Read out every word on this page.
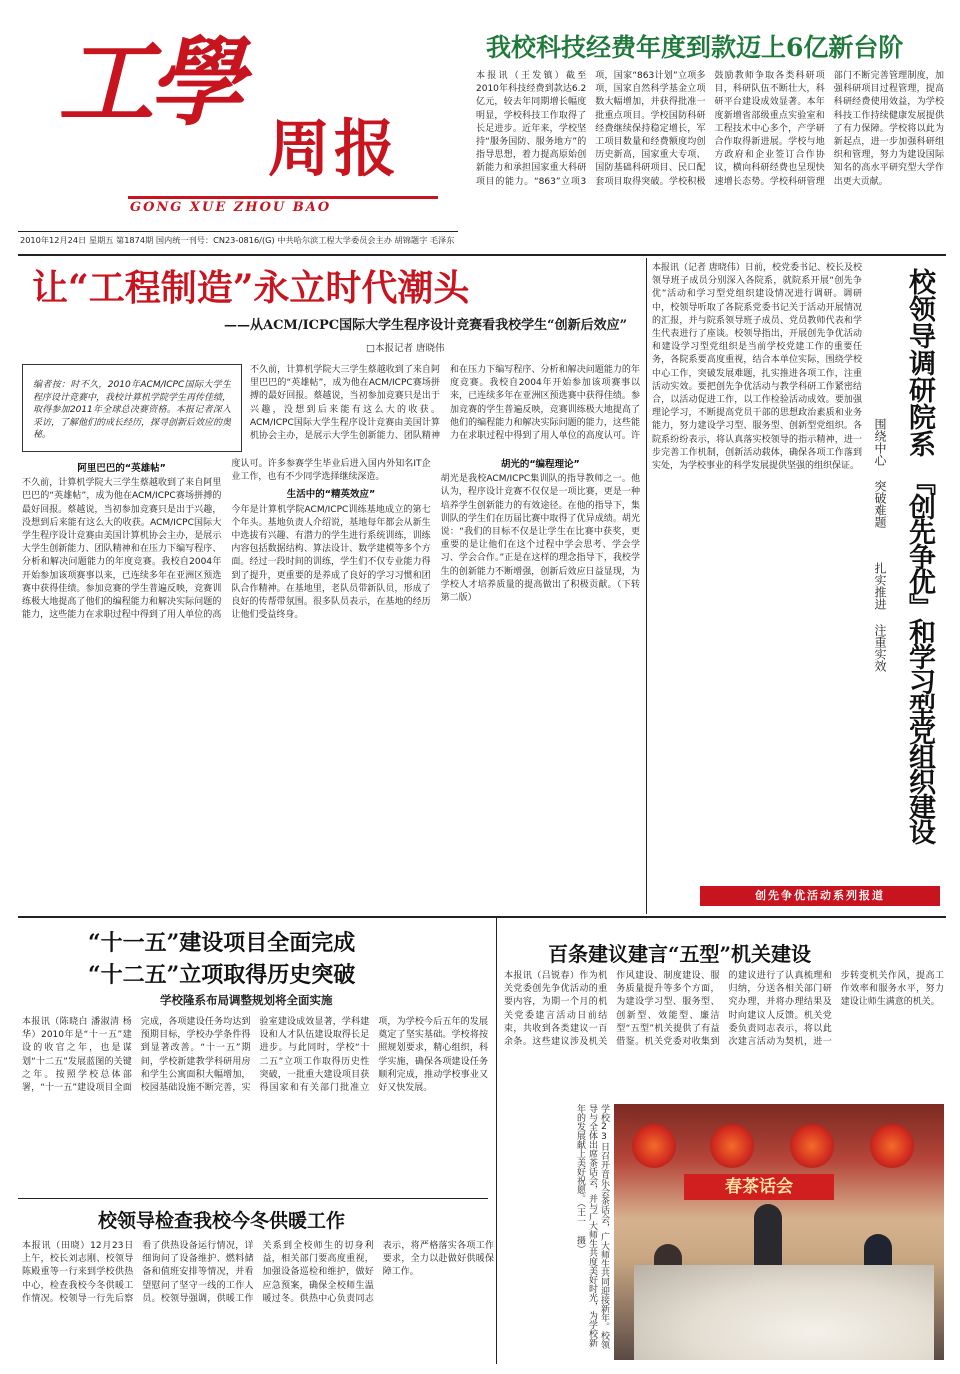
工學
周报
GONG XUE ZHOU BAO
2010年12月24日 星期五 第1874期 国内统一刊号：CN23-0816/(G) 中共哈尔滨工程大学委员会主办 胡锦题字 毛泽东
我校科技经费年度到款迈上6亿新台阶
本报讯（王发镇）截至2010年科技经费到款达6.2亿元，较去年同期增长幅度明显，学校科技工作取得了长足进步。近年来，学校坚持“服务国防、服务地方”的指导思想，着力提高原始创新能力和承担国家重大科研项目的能力。“863”立项3项，国家“863计划”立项多项，国家自然科学基金立项数大幅增加，并获得批准一批重点项目。学校国防科研经费继续保持稳定增长，军工项目数量和经费额度均创历史新高，国家重大专项、国防基础科研项目、民口配套项目取得突破。学校积极鼓励教师争取各类科研项目，科研队伍不断壮大，科研平台建设成效显著。本年度新增省部级重点实验室和工程技术中心多个，产学研合作取得新进展。学校与地方政府和企业签订合作协议，横向科研经费也呈现快速增长态势。学校科研管理部门不断完善管理制度，加强科研项目过程管理，提高科研经费使用效益，为学校科技工作持续健康发展提供了有力保障。学校将以此为新起点，进一步加强科研组织和管理，努力为建设国际知名的高水平研究型大学作出更大贡献。
让“工程制造”永立时代潮头
——从ACM/ICPC国际大学生程序设计竞赛看我校学生“创新后效应”
□本报记者 唐晓伟
编者按：时不久，2010年ACM/ICPC国际大学生程序设计竞赛中，我校计算机学院学生再传佳绩，取得参加2011年全球总决赛资格。本报记者深入采访，了解他们的成长经历，探寻创新后效应的奥秘。
阿里巴巴的“英雄帖”
不久前，计算机学院大三学生蔡越收到了来自阿里巴巴的“英雄帖”，成为他在ACM/ICPC赛场拼搏的最好回报。蔡越说，当初参加竞赛只是出于兴趣，没想到后来能有这么大的收获。ACM/ICPC国际大学生程序设计竞赛由美国计算机协会主办，是展示大学生创新能力、团队精神和在压力下编写程序、分析和解决问题能力的年度竞赛。我校自2004年开始参加该项赛事以来，已连续多年在亚洲区预选赛中获得佳绩。参加竞赛的学生普遍反映，竞赛训练极大地提高了他们的编程能力和解决实际问题的能力，这些能力在求职过程中得到了用人单位的高度认可。许多参赛学生毕业后进入国内外知名IT企业工作，也有不少同学选择继续深造。
生活中的“精英效应”
今年是计算机学院ACM/ICPC训练基地成立的第七个年头。基地负责人介绍说，基地每年都会从新生中选拔有兴趣、有潜力的学生进行系统训练，训练内容包括数据结构、算法设计、数学建模等多个方面。经过一段时间的训练，学生们不仅专业能力得到了提升，更重要的是养成了良好的学习习惯和团队合作精神。在基地里，老队员带新队员，形成了良好的传帮带氛围。很多队员表示，在基地的经历让他们受益终身。
胡光的“编程理论”
胡光是我校ACM/ICPC集训队的指导教师之一。他认为，程序设计竞赛不仅仅是一项比赛，更是一种培养学生创新能力的有效途径。在他的指导下，集训队的学生们在历届比赛中取得了优异成绩。胡光说：“我们的目标不仅是让学生在比赛中获奖，更重要的是让他们在这个过程中学会思考、学会学习、学会合作。”正是在这样的理念指导下，我校学生的创新能力不断增强，创新后效应日益显现，为学校人才培养质量的提高做出了积极贡献。（下转第二版）
不久前，计算机学院大三学生蔡越收到了来自阿里巴巴的“英雄帖”，成为他在ACM/ICPC赛场拼搏的最好回报。蔡越说，当初参加竞赛只是出于兴趣，没想到后来能有这么大的收获。ACM/ICPC国际大学生程序设计竞赛由美国计算机协会主办，是展示大学生创新能力、团队精神和在压力下编写程序、分析和解决问题能力的年度竞赛。我校自2004年开始参加该项赛事以来，已连续多年在亚洲区预选赛中获得佳绩。参加竞赛的学生普遍反映，竞赛训练极大地提高了他们的编程能力和解决实际问题的能力，这些能力在求职过程中得到了用人单位的高度认可。许
本报讯（记者 唐晓伟）日前，校党委书记、校长及校领导班子成员分别深入各院系，就院系开展“创先争优”活动和学习型党组织建设情况进行调研。调研中，校领导听取了各院系党委书记关于活动开展情况的汇报，并与院系领导班子成员、党员教师代表和学生代表进行了座谈。校领导指出，开展创先争优活动和建设学习型党组织是当前学校党建工作的重要任务，各院系要高度重视，结合本单位实际，围绕学校中心工作，突破发展难题，扎实推进各项工作，注重活动实效。要把创先争优活动与教学科研工作紧密结合，以活动促进工作，以工作检验活动成效。要加强理论学习，不断提高党员干部的思想政治素质和业务能力，努力建设学习型、服务型、创新型党组织。各院系纷纷表示，将认真落实校领导的指示精神，进一步完善工作机制，创新活动载体，确保各项工作落到实处，为学校事业的科学发展提供坚强的组织保证。
校领导调研院系
『创先争优』和学习型党组织建设
围绕中心 突破难题
扎实推进 注重实效
创先争优活动系列报道
“十一五”建设项目全面完成
“十二五”立项取得历史突破
学校隆系布局调整规划将全面实施
本报讯（陈晓白 潘淑清 杨华）2010年是“十一五”建设的收官之年，也是谋划“十二五”发展蓝图的关键之年。按照学校总体部署，“十一五”建设项目全面完成，各项建设任务均达到预期目标，学校办学条件得到显著改善。“十一五”期间，学校新建教学科研用房和学生公寓面积大幅增加，校园基础设施不断完善，实验室建设成效显著，学科建设和人才队伍建设取得长足进步。与此同时，学校“十二五”立项工作取得历史性突破，一批重大建设项目获得国家和有关部门批准立项，为学校今后五年的发展奠定了坚实基础。学校将按照规划要求，精心组织，科学实施，确保各项建设任务顺利完成，推动学校事业又好又快发展。
校领导检查我校今冬供暖工作
本报讯（田晓）12月23日上午，校长刘志刚、校领导陈殿重等一行来到学校供热中心，检查我校今冬供暖工作情况。校领导一行先后察看了供热设备运行情况，详细询问了设备维护、燃料储备和值班安排等情况，并看望慰问了坚守一线的工作人员。校领导强调，供暖工作关系到全校师生的切身利益，相关部门要高度重视，加强设备巡检和维护，做好应急预案，确保全校师生温暖过冬。供热中心负责同志表示，将严格落实各项工作要求，全力以赴做好供暖保障工作。
百条建议建言“五型”机关建设
本报讯（吕锐春）作为机关党委创先争优活动的重要内容，为期一个月的机关党委建言活动日前结束，共收到各类建议一百余条。这些建议涉及机关作风建设、制度建设、服务质量提升等多个方面，为建设学习型、服务型、创新型、效能型、廉洁型“五型”机关提供了有益借鉴。机关党委对收集到的建议进行了认真梳理和归纳，分送各相关部门研究办理，并将办理结果及时向建议人反馈。机关党委负责同志表示，将以此次建言活动为契机，进一步转变机关作风，提高工作效率和服务水平，努力建设让师生满意的机关。
学校23日召开音乐会茶话会，广大师生共同迎接新年。校领导与全体出席茶话会，并与广大师生共度美好时光，为学校新年的发展献上美好祝愿。（王一 摄）	春茶话会
